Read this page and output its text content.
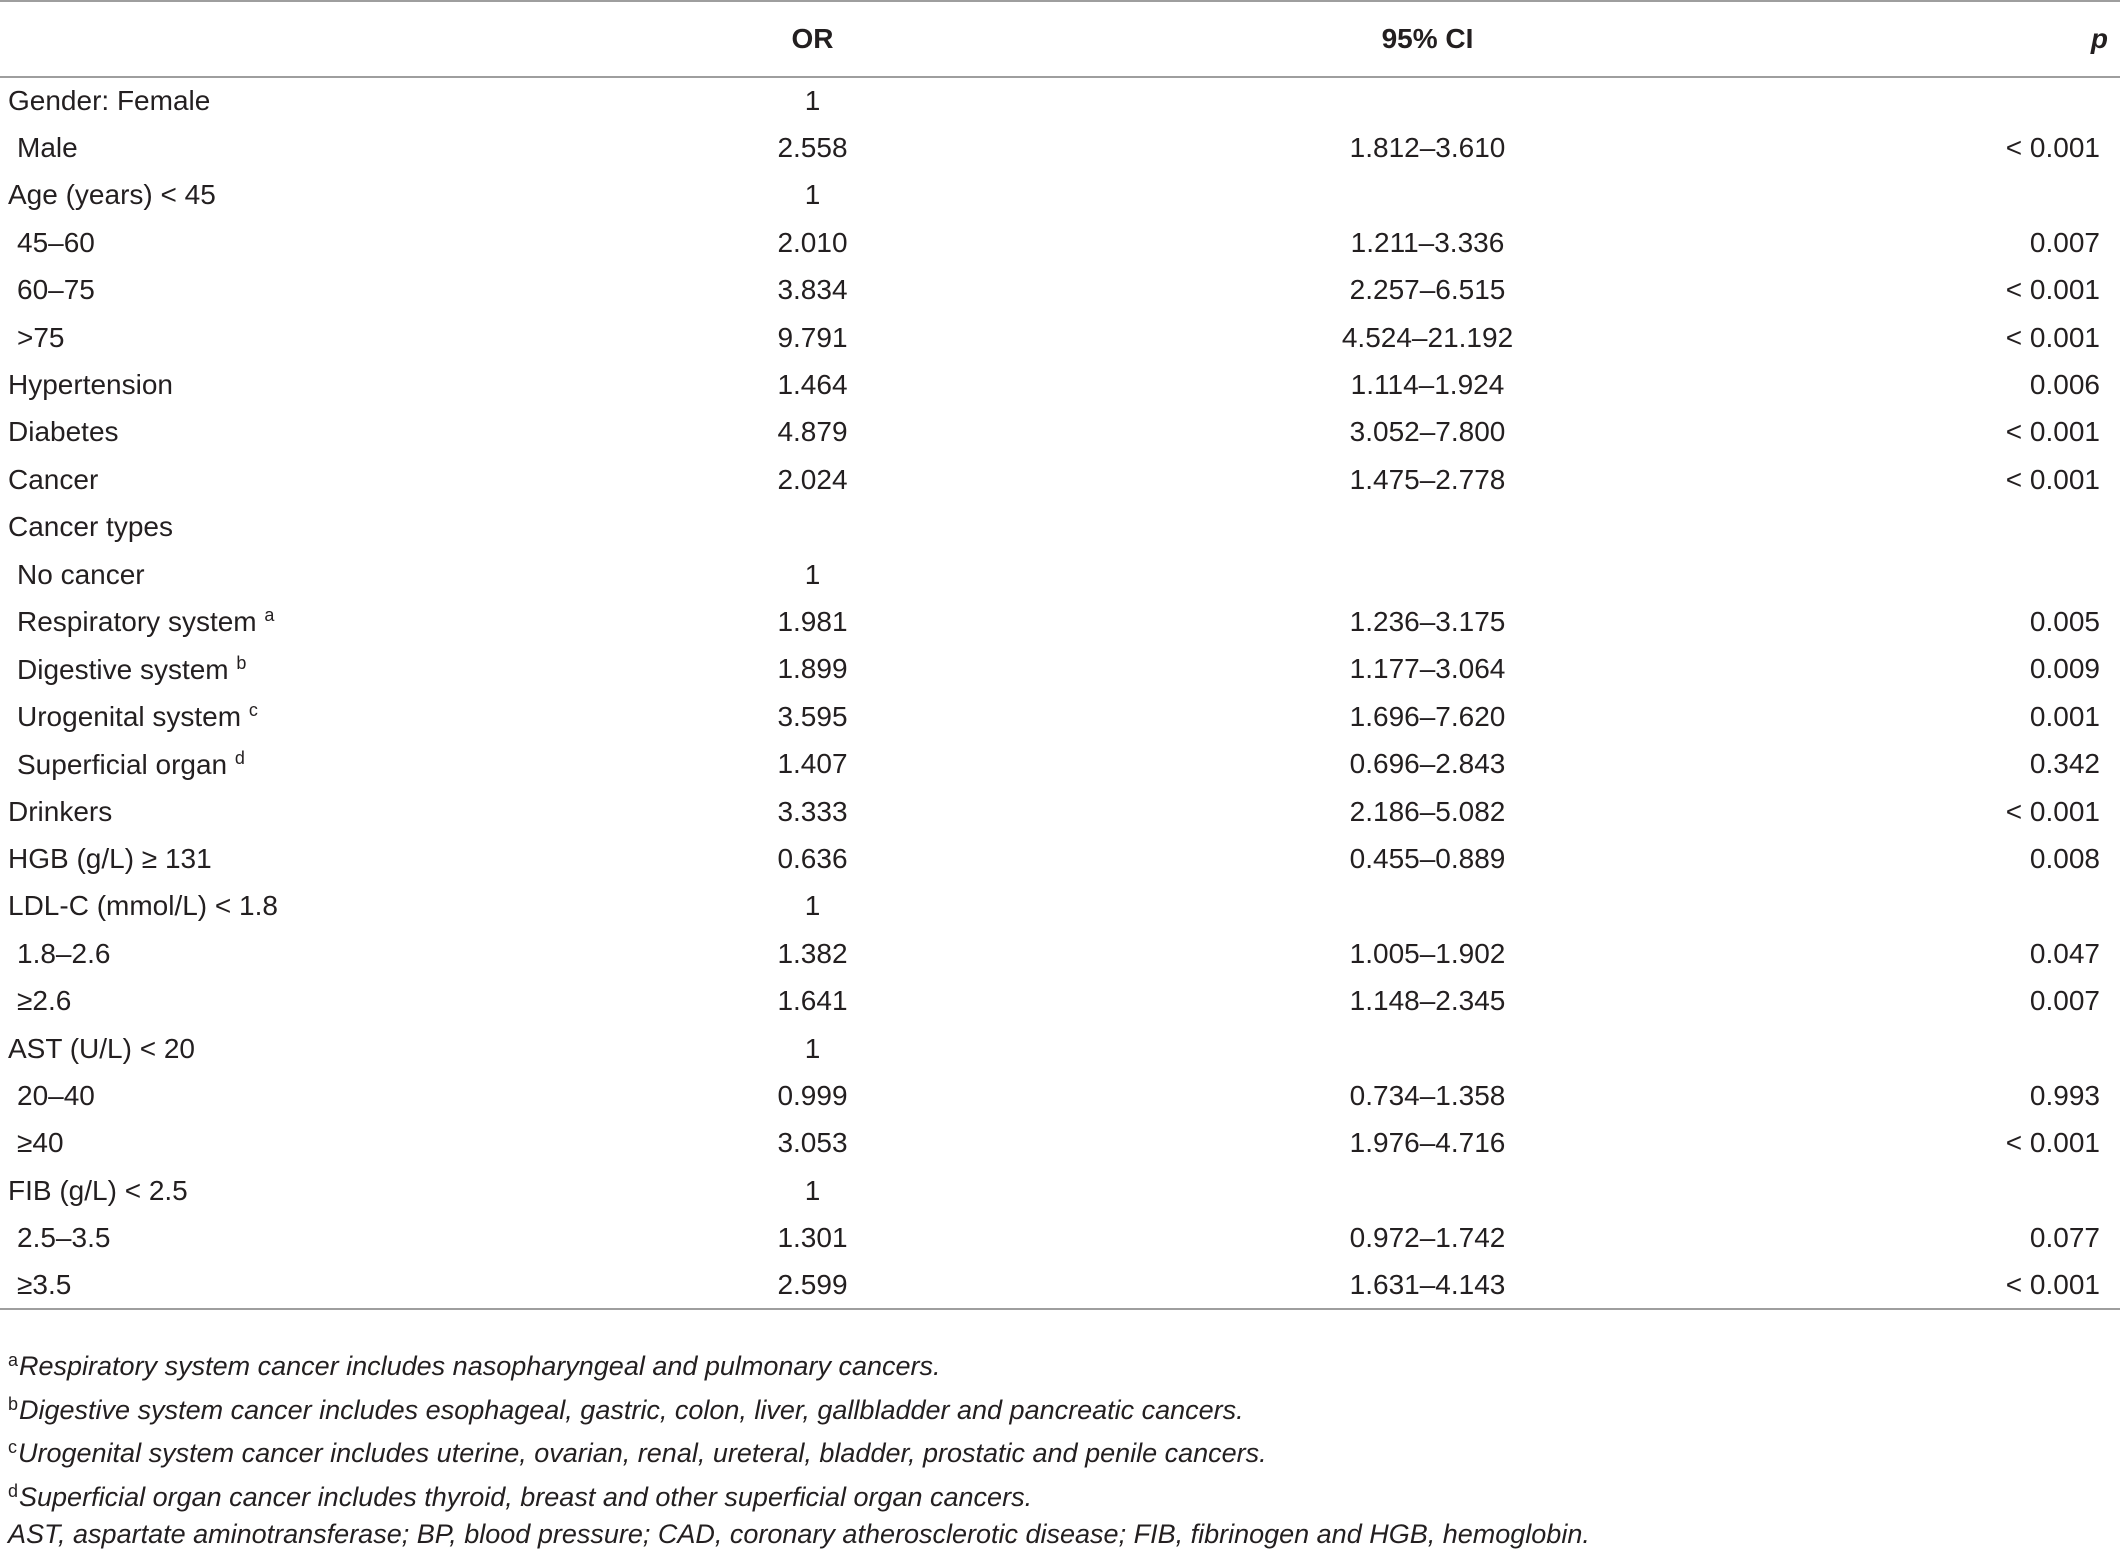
	OR	95% CI	p
Gender: Female	1		
Male	2.558	1.812–3.610	< 0.001
Age (years) < 45	1		
45–60	2.010	1.211–3.336	0.007
60–75	3.834	2.257–6.515	< 0.001
>75	9.791	4.524–21.192	< 0.001
Hypertension	1.464	1.114–1.924	0.006
Diabetes	4.879	3.052–7.800	< 0.001
Cancer	2.024	1.475–2.778	< 0.001
Cancer types			
No cancer	1		
Respiratory system $^a$	1.981	1.236–3.175	0.005
Digestive system $^b$	1.899	1.177–3.064	0.009
Urogenital system $^c$	3.595	1.696–7.620	0.001
Superficial organ $^d$	1.407	0.696–2.843	0.342
Drinkers	3.333	2.186–5.082	< 0.001
HGB (g/L) ≥ 131	0.636	0.455–0.889	0.008
LDL-C (mmol/L) < 1.8	1		
1.8–2.6	1.382	1.005–1.902	0.047
≥2.6	1.641	1.148–2.345	0.007
AST (U/L) < 20	1		
20–40	0.999	0.734–1.358	0.993
≥40	3.053	1.976–4.716	< 0.001
FIB (g/L) < 2.5	1		
2.5–3.5	1.301	0.972–1.742	0.077
≥3.5	2.599	1.631–4.143	< 0.001
$^a$Respiratory system cancer includes nasopharyngeal and pulmonary cancers.
$^b$Digestive system cancer includes esophageal, gastric, colon, liver, gallbladder and pancreatic cancers.
$^c$Urogenital system cancer includes uterine, ovarian, renal, ureteral, bladder, prostatic and penile cancers.
$^d$Superficial organ cancer includes thyroid, breast and other superficial organ cancers.
AST, aspartate aminotransferase; BP, blood pressure; CAD, coronary atherosclerotic disease; FIB, fibrinogen and HGB, hemoglobin.
